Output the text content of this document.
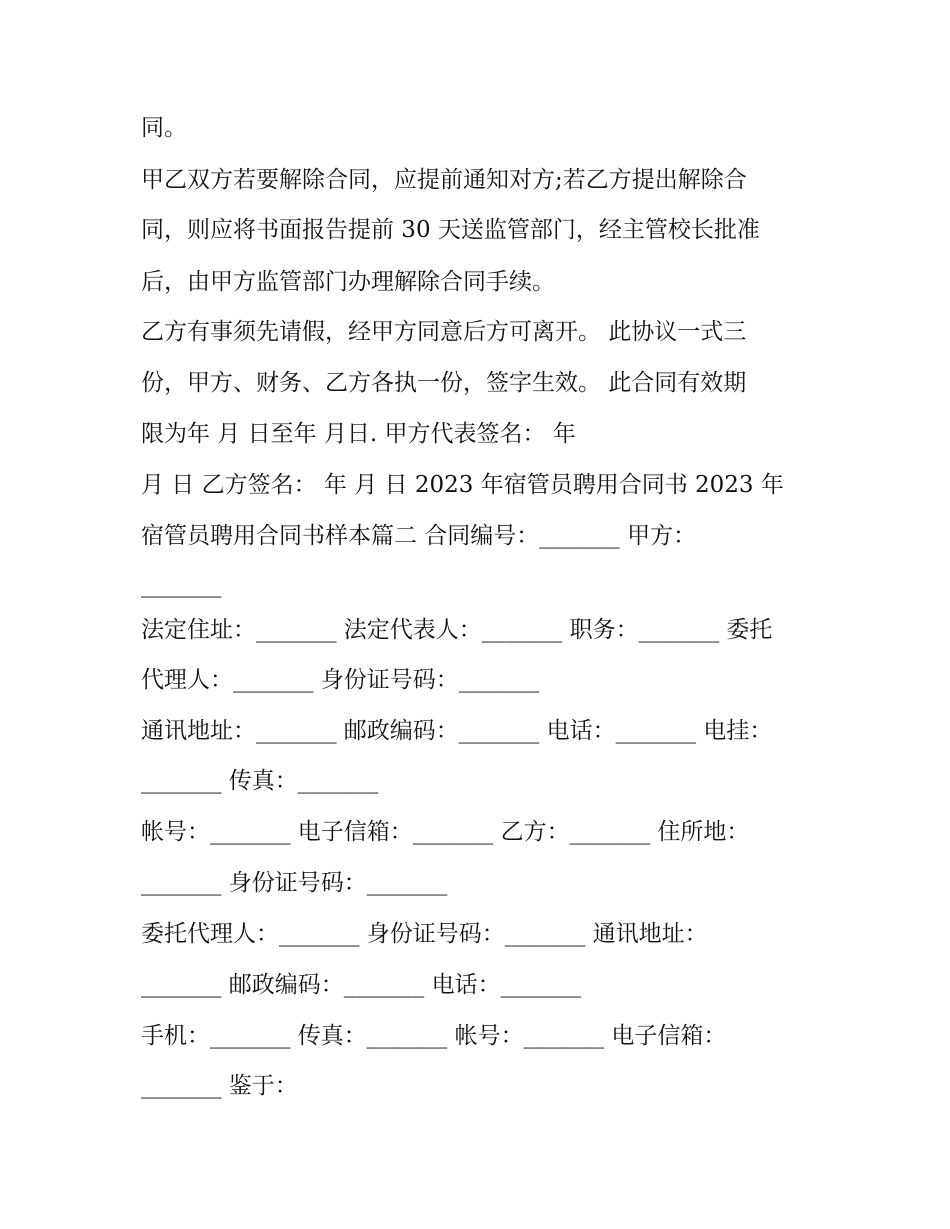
同。
甲乙双方若要解除合同，应提前通知对方;若乙方提出解除合
同，则应将书面报告提前 30 天送监管部门，经主管校长批准
后，由甲方监管部门办理解除合同手续。
乙方有事须先请假，经甲方同意后方可离开。 此协议一式三
份，甲方、财务、乙方各执一份，签字生效。 此合同有效期
限为年 月 日至年 月日. 甲方代表签名： 年
月 日 乙方签名： 年 月 日 2023 年宿管员聘用合同书 2023 年
宿管员聘用合同书样本篇二 合同编号：_______ 甲方：
_______
法定住址：_______ 法定代表人：_______ 职务：_______ 委托
代理人：_______ 身份证号码：_______
通讯地址：_______ 邮政编码：_______ 电话：_______ 电挂：
_______ 传真：_______
帐号：_______ 电子信箱：_______ 乙方：_______ 住所地：
_______ 身份证号码：_______
委托代理人：_______ 身份证号码：_______ 通讯地址：
_______ 邮政编码：_______ 电话：_______
手机：_______ 传真：_______ 帐号：_______ 电子信箱：
_______ 鉴于：
